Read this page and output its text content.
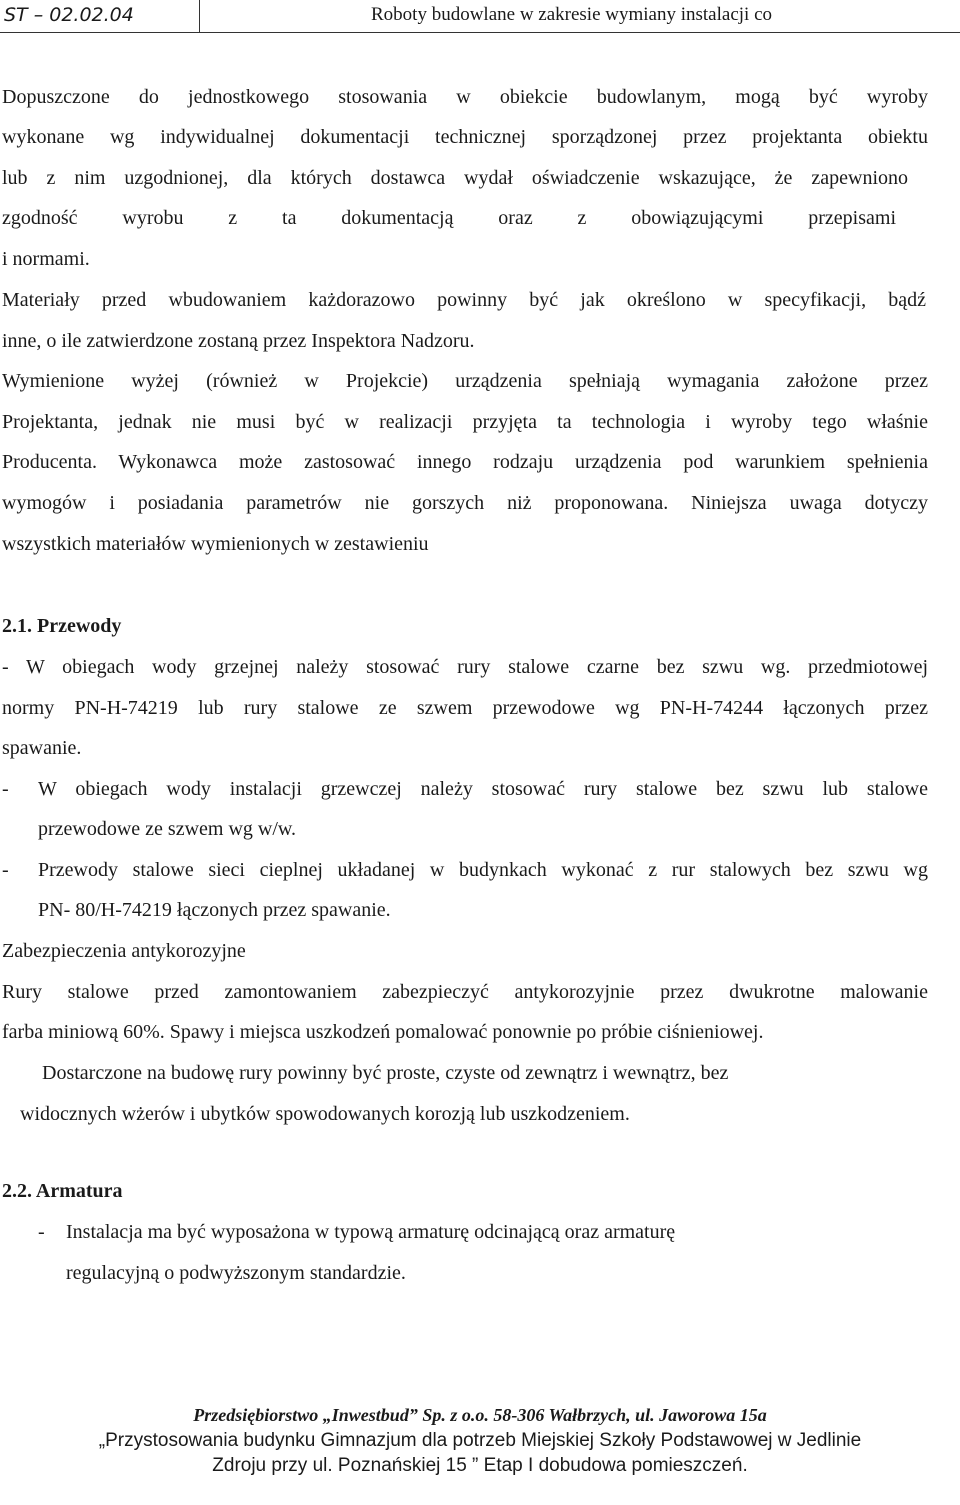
ST – 02.02.04	Roboty budowlane w zakresie wymiany instalacji co
Dopuszczone do jednostkowego stosowania w obiekcie budowlanym, mogą być wyroby
wykonane wg indywidualnej dokumentacji technicznej sporządzonej przez projektanta obiektu
lub z nim uzgodnionej, dla których dostawca wydał oświadczenie wskazujące, że zapewniono
zgodność wyrobu z ta dokumentacją oraz z obowiązującymi przepisami
i normami.
Materiały przed wbudowaniem każdorazowo powinny być jak określono w specyfikacji, bądź
inne, o ile zatwierdzone zostaną przez Inspektora Nadzoru.
Wymienione wyżej (również w Projekcie) urządzenia spełniają wymagania założone przez
Projektanta, jednak nie musi być w realizacji przyjęta ta technologia i wyroby tego właśnie
Producenta. Wykonawca może zastosować innego rodzaju urządzenia pod warunkiem spełnienia
wymogów i posiadania parametrów nie gorszych niż proponowana. Niniejsza uwaga dotyczy
wszystkich materiałów wymienionych w zestawieniu
2.1. Przewody
- W obiegach wody grzejnej należy stosować rury stalowe czarne bez szwu wg. przedmiotowej
normy PN-H-74219 lub rury stalowe ze szwem przewodowe wg PN-H-74244 łączonych przez
spawanie.
- W obiegach wody instalacji grzewczej należy stosować rury stalowe bez szwu lub stalowe
przewodowe ze szwem wg w/w.
- Przewody stalowe sieci cieplnej układanej w budynkach wykonać z rur stalowych bez szwu wg
PN- 80/H-74219 łączonych przez spawanie.
Zabezpieczenia antykorozyjne
Rury stalowe przed zamontowaniem zabezpieczyć antykorozyjnie przez dwukrotne malowanie
farba miniową 60%. Spawy i miejsca uszkodzeń pomalować ponownie po próbie ciśnieniowej.
Dostarczone na budowę rury powinny być proste, czyste od zewnątrz i wewnątrz, bez
widocznych wżerów i ubytków spowodowanych korozją lub uszkodzeniem.
2.2. Armatura
- Instalacja ma być wyposażona w typową armaturę odcinającą oraz armaturę
regulacyjną o podwyższonym standardzie.
Przedsiębiorstwo „Inwestbud” Sp. z o.o. 58-306 Wałbrzych, ul. Jaworowa 15a
„Przystosowania budynku Gimnazjum dla potrzeb Miejskiej Szkoły Podstawowej w Jedlinie
Zdroju przy ul. Poznańskiej 15 ” Etap I dobudowa pomieszczeń.
